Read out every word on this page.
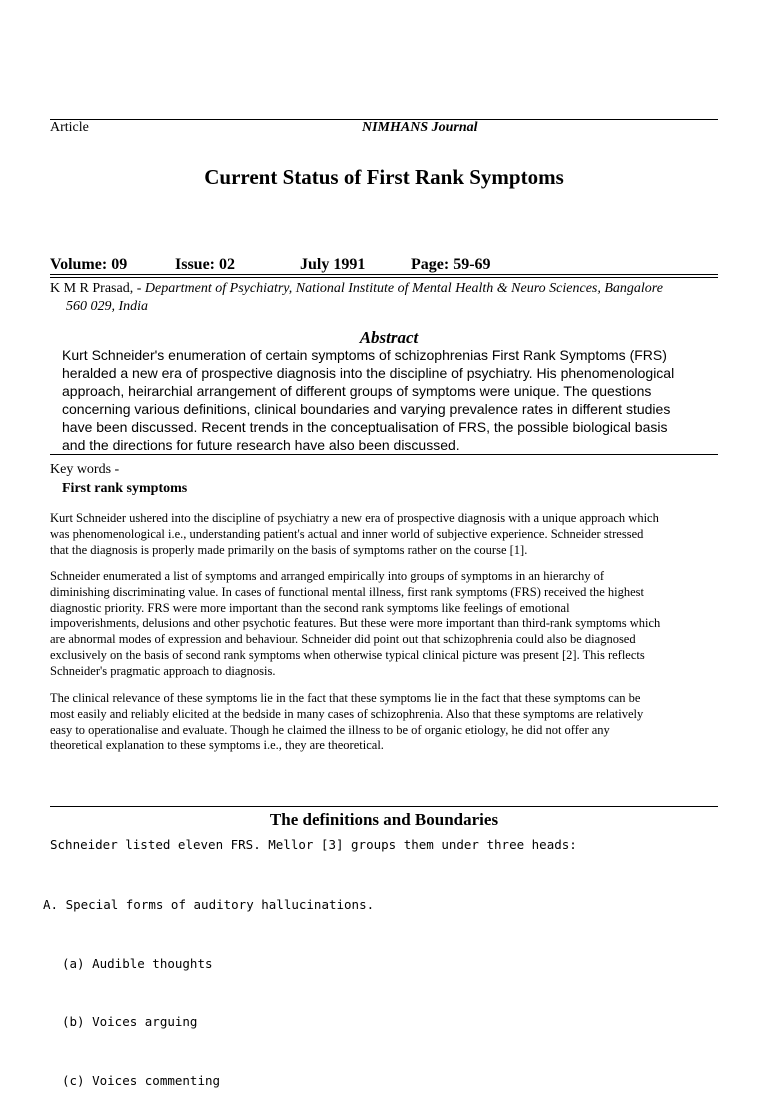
Article	NIMHANS Journal
Current Status of First Rank Symptoms
Volume: 09	Issue: 02	July 1991	Page: 59-69
K M R Prasad, - Department of Psychiatry, National Institute of Mental Health & Neuro Sciences, Bangalore
560 029, India
Abstract
Kurt Schneider's enumeration of certain symptoms of schizophrenias First Rank Symptoms (FRS)
heralded a new era of prospective diagnosis into the discipline of psychiatry. His phenomenological
approach, heirarchial arrangement of different groups of symptoms were unique. The questions
concerning various definitions, clinical boundaries and varying prevalence rates in different studies
have been discussed. Recent trends in the conceptualisation of FRS, the possible biological basis
and the directions for future research have also been discussed.
Key words -
First rank symptoms
Kurt Schneider ushered into the discipline of psychiatry a new era of prospective diagnosis with a unique approach which
was phenomenological i.e., understanding patient's actual and inner world of subjective experience. Schneider stressed
that the diagnosis is properly made primarily on the basis of symptoms rather on the course [1].
Schneider enumerated a list of symptoms and arranged empirically into groups of symptoms in an hierarchy of
diminishing discriminating value. In cases of functional mental illness, first rank symptoms (FRS) received the highest
diagnostic priority. FRS were more important than the second rank symptoms like feelings of emotional
impoverishments, delusions and other psychotic features. But these were more important than third-rank symptoms which
are abnormal modes of expression and behaviour. Schneider did point out that schizophrenia could also be diagnosed
exclusively on the basis of second rank symptoms when otherwise typical clinical picture was present [2]. This reflects
Schneider's pragmatic approach to diagnosis.
The clinical relevance of these symptoms lie in the fact that these symptoms lie in the fact that these symptoms can be
most easily and reliably elicited at the bedside in many cases of schizophrenia. Also that these symptoms are relatively
easy to operationalise and evaluate. Though he claimed the illness to be of organic etiology, he did not offer any
theoretical explanation to these symptoms i.e., they are theoretical.
The definitions and Boundaries
Schneider listed eleven FRS. Mellor [3] groups them under three heads:

A. Special forms of auditory hallucinations.

(a) Audible thoughts

(b) Voices arguing

(c) Voices commenting
